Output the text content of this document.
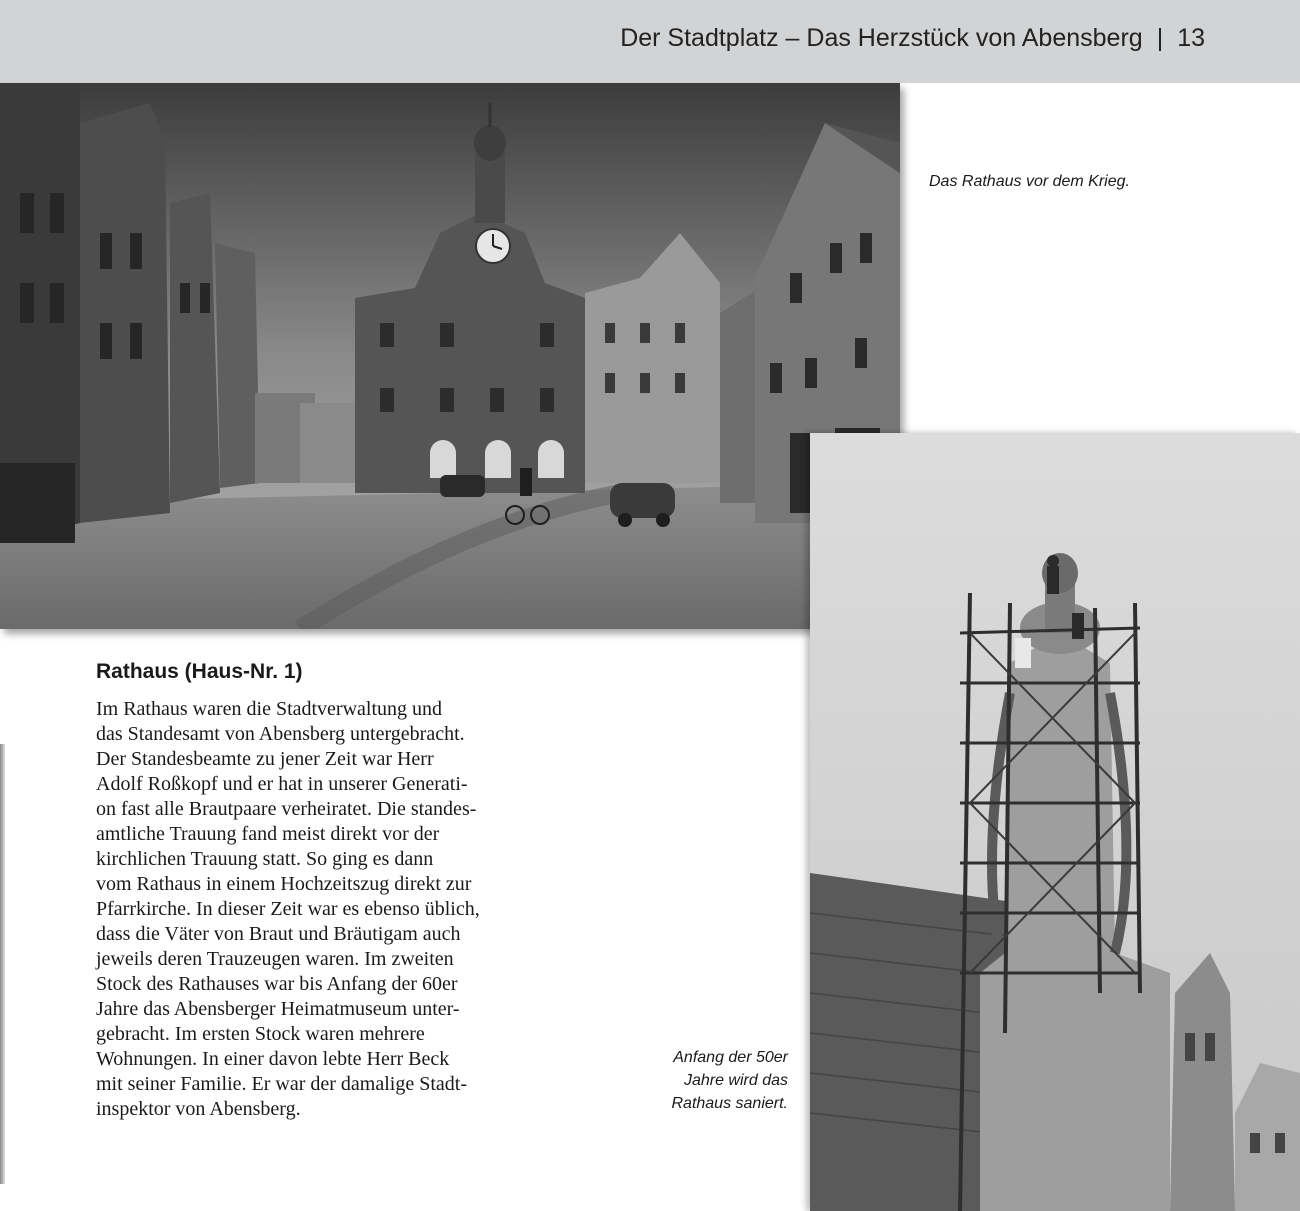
Der Stadtplatz – Das Herzstück von Abensberg | 13
Das Rathaus vor dem Krieg.
Anfang der 50er
Jahre wird das
Rathaus saniert.
Rathaus (Haus-Nr. 1)
Im Rathaus waren die Stadtverwaltung und
das Standesamt von Abensberg untergebracht.
Der Standesbeamte zu jener Zeit war Herr
Adolf Roßkopf und er hat in unserer Generati-
on fast alle Brautpaare verheiratet. Die standes-
amtliche Trauung fand meist direkt vor der
kirchlichen Trauung statt. So ging es dann
vom Rathaus in einem Hochzeitszug direkt zur
Pfarrkirche. In dieser Zeit war es ebenso üblich,
dass die Väter von Braut und Bräutigam auch
jeweils deren Trauzeugen waren. Im zweiten
Stock des Rathauses war bis Anfang der 60er
Jahre das Abensberger Heimatmuseum unter-
gebracht. Im ersten Stock waren mehrere
Wohnungen. In einer davon lebte Herr Beck
mit seiner Familie. Er war der damalige Stadt-
inspektor von Abensberg.
